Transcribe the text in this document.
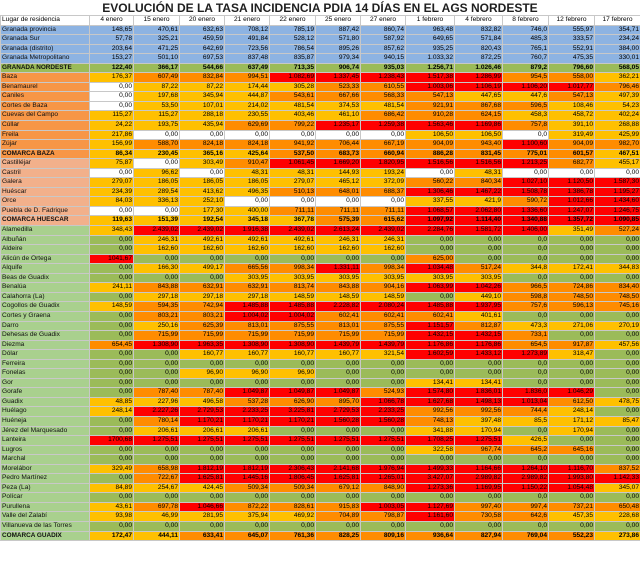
EVOLUCIÓN DE LA TASA INCIDENCIA PDIA 14 DÍAS EN EL AGS NORDESTE
Lugar de residencia	4 enero	15 enero	20 enero	21 enero	22 enero	25 enero	27 enero	1 febrero	4 febrero	8 febrero	12 febrero	17 febrero
Granada provincia	148,65	470,61	632,63	708,12	785,19	887,42	860,74	963,48	832,82	746,0	555,97	354,71
Granada Sur	57,78	325,21	459,59	491,84	528,12	571,80	587,92	649,65	571,84	485,3	333,57	234,24
Granada (distrito)	203,64	471,25	642,69	723,56	786,54	895,26	857,62	935,25	820,43	765,1	552,91	384,00
Granada Metropolitano	153,27	501,10	697,53	837,48	835,87	979,34	940,15	1.033,32	872,25	760,7	475,35	330,01
GRANADA NORDESTE	122,40	366,17	544,66	637,49	713,35	906,74	935,03	1.256,71	1.026,46	879,2	796,60	568,05
Baza	176,37	607,49	832,84	994,51	1.082,69	1.337,45	1.238,43	1.517,38	1.286,99	954,5	558,00	362,21
Benamaurel	0,00	87,22	87,22	174,44	305,28	523,33	610,55	1.003,06	1.106,19	1.106,20	1.017,77	796,46
Caniles	0,00	197,68	345,94	444,87	543,61	667,66	568,33	547,13	447,65	447,6	547,13	497,39
Cortes de Baza	0,00	53,50	107,01	214,02	481,54	374,53	481,54	921,91	867,68	596,5	108,46	54,23
Cuevas del Campo	115,27	115,27	288,18	230,55	403,46	461,10	686,42	910,28	624,15	458,3	458,72	402,24
Cúllar	24,22	193,75	435,94	629,69	799,22	1.235,17	1.259,38	1.563,46	1.169,86	757,8	391,10	268,88
Freila	217,86	0,00	0,00	0,00	0,00	0,00	0,00	106,50	106,50	0,0	319,49	425,99
Zújar	156,99	588,70	824,18	824,18	941,92	706,44	667,19	904,09	943,40	1.100,60	904,09	982,70
COMARCA BAZA	86,34	230,45	365,16	425,64	537,50	683,73	660,94	886,28	831,45	775,01	601,57	467,51
Castilléjar	75,87	0,00	303,49	910,47	1.061,45	1.669,20	1.820,95	1.516,56	1.516,56	1.213,25	682,77	455,17
Castril	0,00	96,62	0,00	48,31	48,31	144,93	193,24	0,00	48,31	0,00	0,00	0,00
Galera	279,07	186,05	186,05	186,05	279,07	465,12	372,09	560,22	840,34	1.027,10	1.120,50	1.587,30
Huéscar	234,39	289,54	413,62	496,35	510,13	648,01	688,37	1.306,46	1.467,22	1.508,78	1.386,78	1.195,27
Orce	84,03	336,13	252,10	0,00	0,00	0,00	0,00	337,55	421,9	590,72	1.012,66	1.434,60
Puebla de D. Fadrique	0,00	0,00	177,30	400,00	711,11	711,11	711,11	1.068,57	2.062,80	1.336,60	1.247,07	1.246,75
COMARCA HUÉSCAR	119,63	151,39	192,54	345,18	367,78	575,39	615,62	1.097,92	1.114,40	1.340,88	1.357,72	1.090,85
Alamedilla	348,43	2.439,02	2.439,02	1.916,38	2.439,02	2.613,24	2.439,02	2.284,76	1.581,72	1.406,00	351,49	527,24
Albuñán	0,00	246,31	492,61	492,61	492,61	246,31	246,31	0,00	0,00	0,0	0,00	0,00
Aldeire	0,00	162,60	162,60	162,60	162,60	162,60	162,60	0,00	0,00	0,0	0,00	0,00
Alicún de Ortega	1041,67	0,00	0,00	0,00	0,00	0,00	0,00	625,00	0,00	0,0	0,00	0,00
Alquife	0,00	166,30	499,17	665,56	998,34	1.331,11	998,34	1.034,48	517,24	344,8	172,41	344,83
Beas de Guadix	0,00	0,00	0,00	303,95	303,95	303,95	303,95	303,95	303,95	0,0	0,00	0,00
Benalúa	241,11	843,88	632,91	632,91	813,74	843,88	904,16	1.063,99	1.042,26	966,5	724,86	834,40
Calahorra (La)	0,00	297,18	297,18	297,18	148,59	148,59	148,59	0,00	449,10	598,8	748,50	748,50
Cogollos de Guadix	148,59	594,35	742,94	1.485,88	1.485,88	2.228,82	2.080,24	1.485,88	1.937,95	757,6	596,13	745,16
Cortes y Graena	0,00	803,21	803,21	1.004,02	1.004,02	602,41	602,41	602,41	401,61	0,0	0,00	0,00
Darro	0,00	250,16	625,39	813,01	875,55	813,01	875,55	1.151,57	812,87	473,3	271,06	270,19
Dehesas de Guadix	0,00	715,99	715,99	715,99	715,99	715,99	715,99	1.432,15	1.432,15	733,1	0,00	0,00
Diezma	654,45	1.308,90	1.963,35	1.308,90	1.308,90	1.439,79	1.439,79	1.176,86	1.176,86	654,5	917,87	457,56
Dólar	0,00	0,00	160,77	160,77	160,77	160,77	321,54	1.602,59	1.433,12	1.273,89	318,47	0,00
Ferreira	0,00	0,00	0,00	0,00	0,00	0,00	0,00	0,00	0,00	0,0	0,00	0,00
Fonelas	0,00	0,00	96,90	96,90	96,90	0,00	0,00	0,00	0,00	0,0	0,00	0,00
Gor	0,00	0,00	0,00	0,00	0,00	0,00	0,00	134,41	134,41	0,0	0,00	0,00
Gorafe	0,00	787,40	787,40	1.049,87	1.049,87	1.049,87	524,93	1.574,80	1.836,01	1.836,0	1.046,29	0,00
Guadix	48,85	227,96	496,58	537,28	626,90	895,70	1.066,78	1.627,68	1.498,13	1.013,04	612,50	478,75
Huélago	248,14	2.227,26	2.729,53	2.233,25	3.225,81	2.729,53	2.233,25	992,56	992,56	744,4	248,14	0,00
Huéneja	0,00	780,14	1.170,21	1.170,21	1.170,21	1.560,28	1.560,28	748,13	397,48	85,5	171,12	85,47
Jérez del Marquesado	0,00	206,61	206,61	206,61	0,00	0,00	0,00	341,88	170,94	0,0	170,94	0,00
Lanteira	1700,68	1.275,51	1.275,51	1.275,51	1.275,51	1.275,51	1.275,51	1.708,25	1.275,51	426,5	0,00	0,00
Lugros	0,00	0,00	0,00	0,00	0,00	0,00	0,00	322,58	967,74	645,2	645,16	0,00
Marchal	0,00	0,00	0,00	0,00	0,00	0,00	0,00	0,00	0,00	0,0	0,00	0,00
Morelábor	329,49	658,98	1.812,19	1.812,19	2.306,43	2.141,68	1.976,94	1.499,33	1.164,66	1.264,10	1.116,70	837,52
Pedro Martínez	0,00	722,67	1.625,81	1.445,16	1.806,45	1.625,81	1.265,01	3.427,07	2.989,82	2.989,82	1.993,80	1.142,33
Peza (La)	84,89	254,67	424,45	509,34	509,34	679,12	848,90	1.273,36	1.169,95	1.150,22	1.054,48	345,07
Polícar	0,00	0,00	0,00	0,00	0,00	0,00	0,00	0,00	0,00	0,0	0,00	0,00
Purullena	43,61	697,78	1.046,66	872,22	828,61	915,83	1.003,05	1.127,69	997,40	997,4	737,21	650,48
Valle del Zalabí	93,98	46,99	281,95	375,94	469,92	704,89	798,87	1.161,60	730,58	642,6	457,35	228,68
Villanueva de las Torres	0,00	0,00	0,00	0,00	0,00	0,00	0,00	0,00	0,00	0,0	0,00	0,00
COMARCA GUADIX	172,47	444,11	633,41	645,07	761,36	828,25	809,16	936,64	827,94	769,04	552,23	273,86
